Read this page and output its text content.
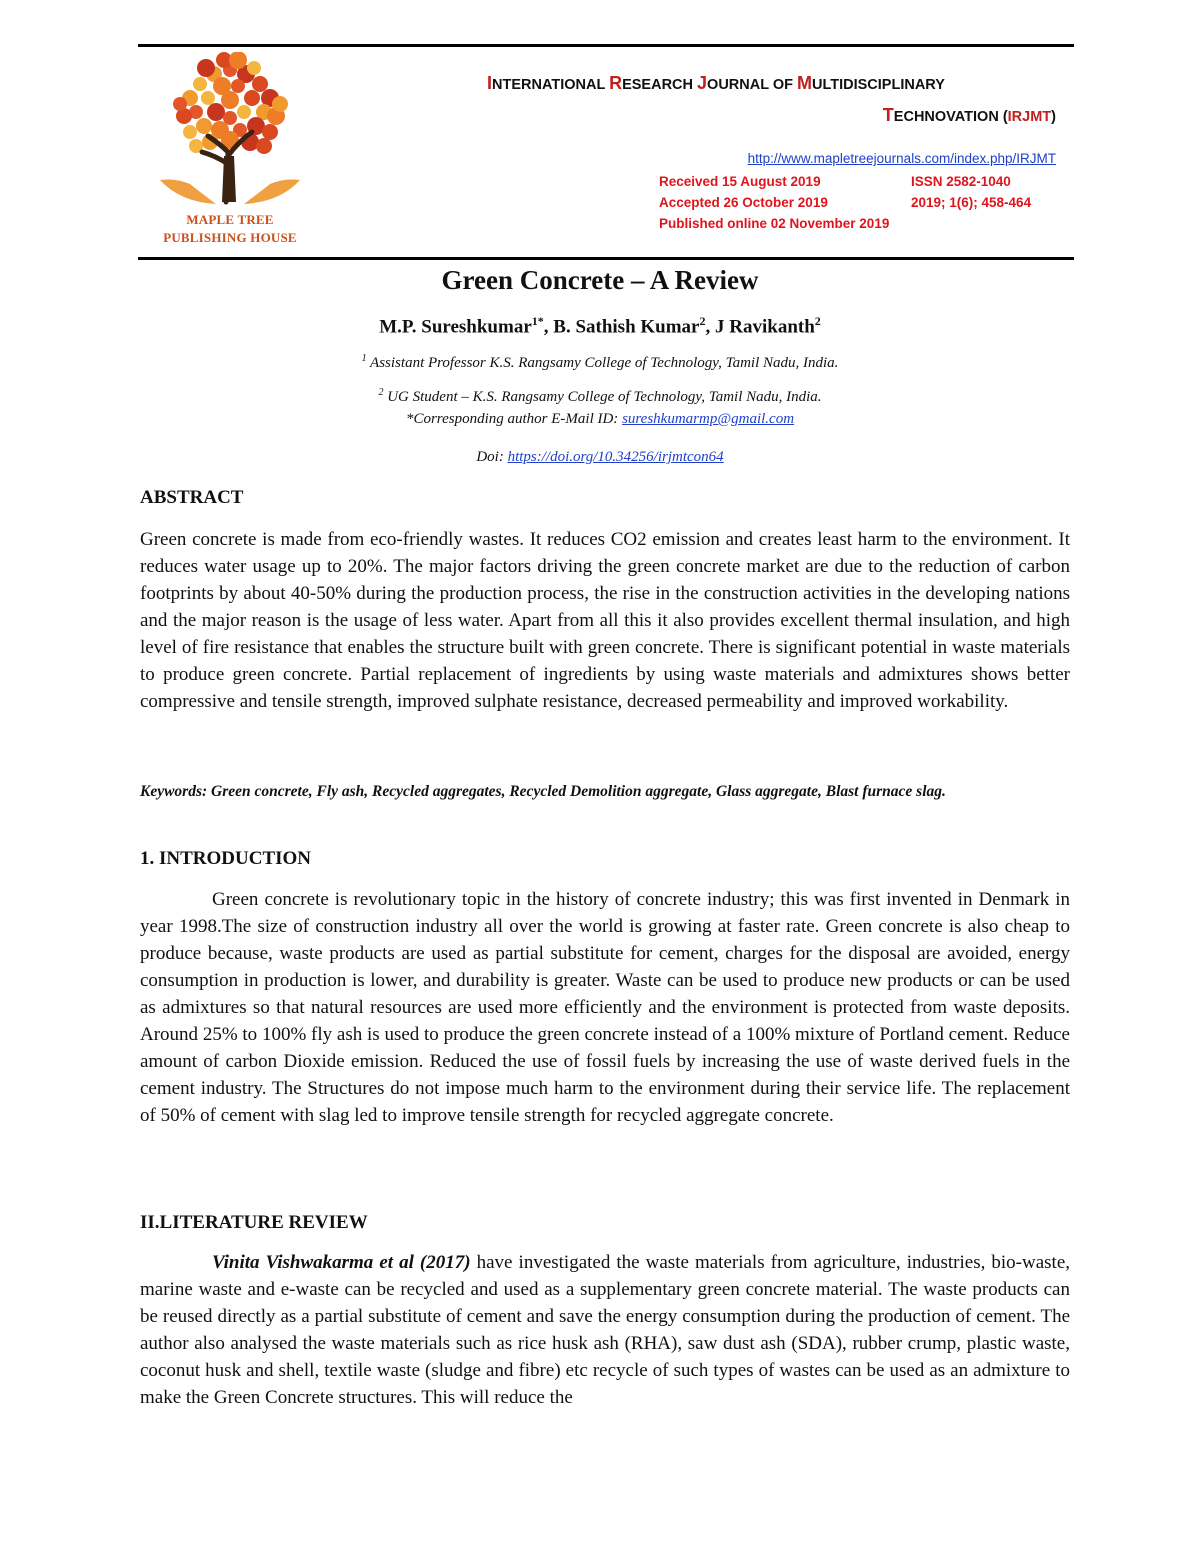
MAPLE TREE
PUBLISHING HOUSE
INTERNATIONAL RESEARCH JOURNAL OF MULTIDISCIPLINARY
TECHNOVATION (IRJMT)
http://www.mapletreejournals.com/index.php/IRJMT
Received 15 August 2019	ISSN 2582-1040
Accepted 26 October 2019	2019; 1(6); 458-464
Published online 02 November 2019
Green Concrete – A Review
M.P. Sureshkumar$^{1*}$, B. Sathish Kumar$^2$, J Ravikanth$^2$
$^1$ Assistant Professor K.S. Rangsamy College of Technology, Tamil Nadu, India.
$^2$ UG Student – K.S. Rangsamy College of Technology, Tamil Nadu, India.
*Corresponding author E-Mail ID: sureshkumarmp@gmail.com
Doi: https://doi.org/10.34256/irjmtcon64
ABSTRACT

Green concrete is made from eco-friendly wastes. It reduces CO2 emission and creates least harm to the environment. It reduces water usage up to 20%. The major factors driving the green concrete market are due to the reduction of carbon footprints by about 40-50% during the production process, the rise in the construction activities in the developing nations and the major reason is the usage of less water. Apart from all this it also provides excellent thermal insulation, and high level of fire resistance that enables the structure built with green concrete. There is significant potential in waste materials to produce green concrete. Partial replacement of ingredients by using waste materials and admixtures shows better compressive and tensile strength, improved sulphate resistance, decreased permeability and improved workability.

Keywords: Green concrete, Fly ash, Recycled aggregates, Recycled Demolition aggregate, Glass aggregate, Blast furnace slag.

1. INTRODUCTION

Green concrete is revolutionary topic in the history of concrete industry; this was first invented in Denmark in year 1998.The size of construction industry all over the world is growing at faster rate. Green concrete is also cheap to produce because, waste products are used as partial substitute for cement, charges for the disposal are avoided, energy consumption in production is lower, and durability is greater. Waste can be used to produce new products or can be used as admixtures so that natural resources are used more efficiently and the environment is protected from waste deposits. Around 25% to 100% fly ash is used to produce the green concrete instead of a 100% mixture of Portland cement. Reduce amount of carbon Dioxide emission. Reduced the use of fossil fuels by increasing the use of waste derived fuels in the cement industry. The Structures do not impose much harm to the environment during their service life. The replacement of 50% of cement with slag led to improve tensile strength for recycled aggregate concrete.

II.LITERATURE REVIEW

Vinita Vishwakarma et al (2017) have investigated the waste materials from agriculture, industries, bio-waste, marine waste and e-waste can be recycled and used as a supplementary green concrete material. The waste products can be reused directly as a partial substitute of cement and save the energy consumption during the production of cement. The author also analysed the waste materials such as rice husk ash (RHA), saw dust ash (SDA), rubber crump, plastic waste, coconut husk and shell, textile waste (sludge and fibre) etc recycle of such types of wastes can be used as an admixture to make the Green Concrete structures. This will reduce the
